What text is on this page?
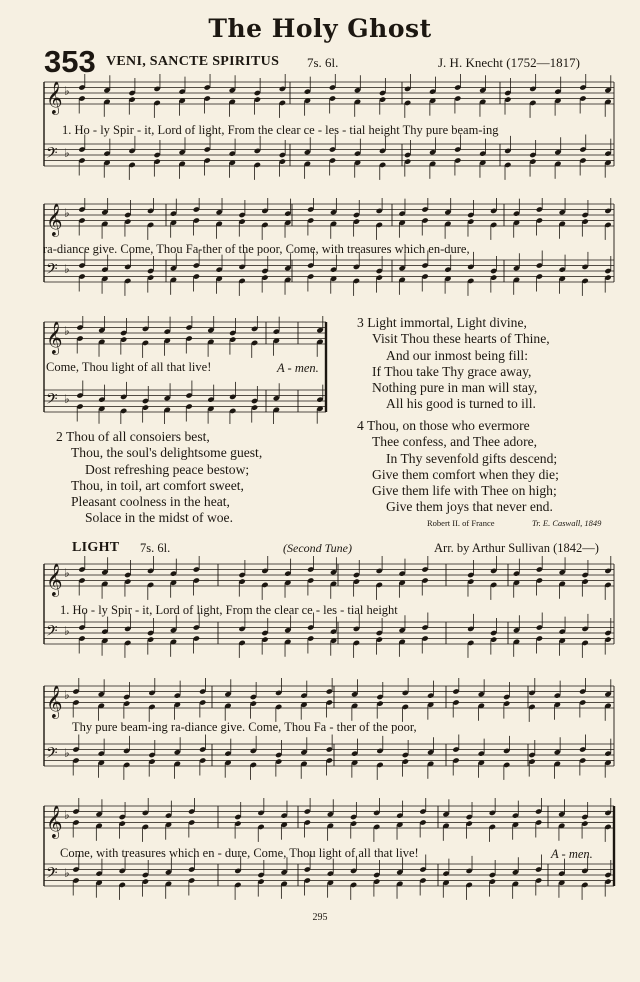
The Holy Ghost
353 VENI, SANCTE SPIRITUS 7s. 6l.	J. H. Knecht (1752—1817)
𝄞 ♭
𝄢 ♭
1. Ho - ly Spir - it, Lord of light, From the clear ce - les - tial height Thy pure beam-ing
𝄞 ♭
𝄢 ♭
ra-diance give. Come, Thou Fa-ther of the poor, Come, with treasures which en-dure,
𝄞 ♭
𝄢 ♭
Come, Thou light of all that live!	A - men.
2 Thou of all consoiers best,
Thou, the soul's delightsome guest,
Dost refreshing peace bestow;
Thou, in toil, art comfort sweet,
Pleasant coolness in the heat,
Solace in the midst of woe.
3 Light immortal, Light divine,
Visit Thou these hearts of Thine,
And our inmost being fill:
If Thou take Thy grace away,
Nothing pure in man will stay,
All his good is turned to ill.
4 Thou, on those who evermore
Thee confess, and Thee adore,
In Thy sevenfold gifts descend;
Give them comfort when they die;
Give them life with Thee on high;
Give them joys that never end.
Robert II. of France	Tr. E. Caswall, 1849
LIGHT 7s. 6l.	(Second Tune)	Arr. by Arthur Sullivan (1842—)
𝄞 ♭
𝄢 ♭
1. Ho - ly Spir - it, Lord of light, From the clear ce - les - tial height
𝄞 ♭
𝄢 ♭
Thy pure beam-ing ra-diance give. Come, Thou Fa - ther of the poor,
𝄞 ♭
𝄢 ♭
Come, with treasures which en - dure, Come, Thou light of all that live!	A - men.
295
